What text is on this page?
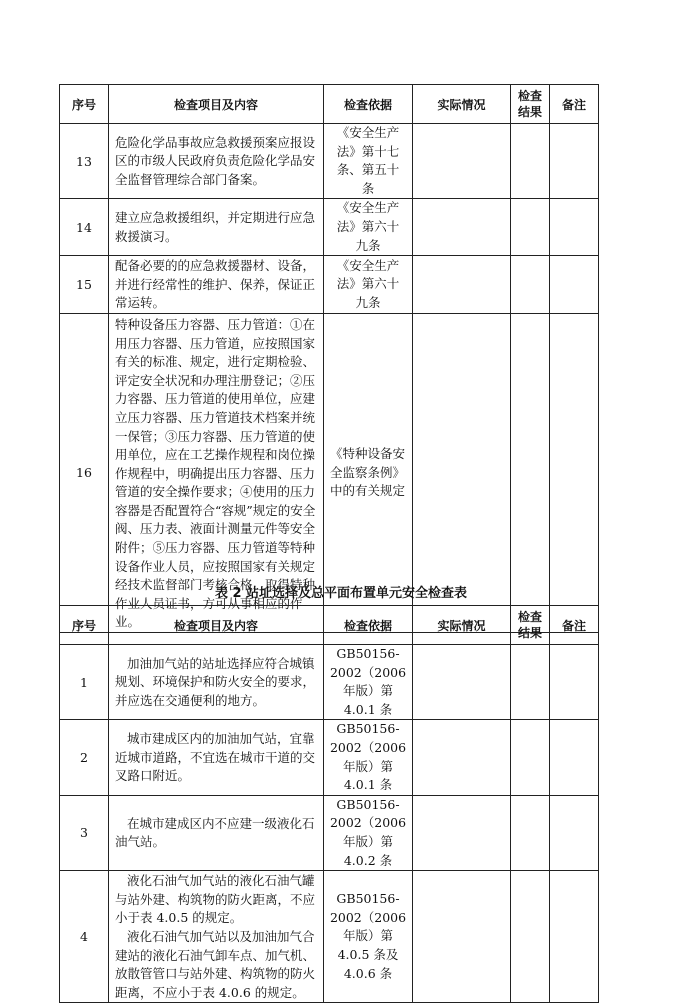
序号	检查项目及内容	检查依据	实际情况	检查结果	备注
13	危险化学品事故应急救援预案应报设区的市级人民政府负责危险化学品安全监督管理综合部门备案。	《安全生产法》第十七条、第五十条			

14	建立应急救援组织，并定期进行应急救援演习。	《安全生产法》第六十九条			

15	配备必要的的应急救援器材、设备，并进行经常性的维护、保养，保证正常运转。	《安全生产法》第六十九条			

16	特种设备压力容器、压力管道：①在用压力容器、压力管道，应按照国家有关的标准、规定，进行定期检验、评定安全状况和办理注册登记；②压力容器、压力管道的使用单位，应建立压力容器、压力管道技术档案并统一保管；③压力容器、压力管道的使用单位，应在工艺操作规程和岗位操作规程中，明确提出压力容器、压力管道的安全操作要求；④使用的压力容器是否配置符合“容规”规定的安全阀、压力表、液面计测量元件等安全附件；⑤压力容器、压力管道等特种设备作业人员，应按照国家有关规定经技术监督部门考核合格，取得特种作业人员证书，方可从事相应的作业。	《特种设备安全监察条例》中的有关规定			

表 2 站址选择及总平面布置单元安全检查表
序号	检查项目及内容	检查依据	实际情况	检查结果	备注
1	加油加气站的站址选择应符合城镇规划、环境保护和防火安全的要求，并应选在交通便利的地方。	GB50156-2002（2006 年版）第 4.0.1 条			

2	城市建成区内的加油加气站，宜靠近城市道路，不宜选在城市干道的交叉路口附近。	GB50156-2002（2006 年版）第 4.0.1 条			

3	在城市建成区内不应建一级液化石油气站。	GB50156-2002（2006 年版）第 4.0.2 条			

4	液化石油气加气站的液化石油气罐与站外建、构筑物的防火距离，不应小于表 4.0.5 的规定。
液化石油气加气站以及加油加气合建站的液化石油气卸车点、加气机、放散管管口与站外建、构筑物的防火距离，不应小于表 4.0.6 的规定。	GB50156-2002（2006 年版）第 4.0.5 条及 4.0.6 条			
